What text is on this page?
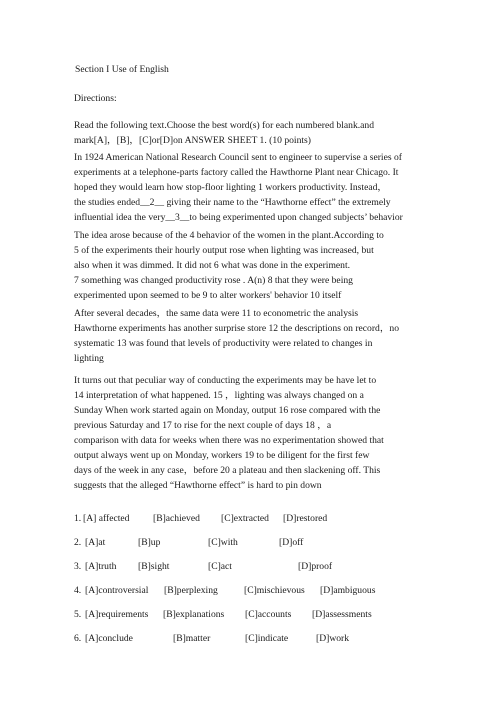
Section I Use of English
Directions:
Read the following text.Choose the best word(s) for each numbered blank.and
mark[A]，[B]，[C]or[D]on ANSWER SHEET 1. (10 points)
In 1924 American National Research Council sent to engineer to supervise a series of
experiments at a telephone-parts factory called the Hawthorne Plant near Chicago. It
hoped they would learn how stop-floor lighting 1 workers productivity. Instead，
the studies ended__2__ giving their name to the “Hawthorne effect” the extremely
influential idea the very__3__to being experimented upon changed subjects’ behavior
The idea arose because of the 4 behavior of the women in the plant.According to
5 of the experiments their hourly output rose when lighting was increased, but
also when it was dimmed. It did not 6 what was done in the experiment.
7 something was changed productivity rose . A(n) 8 that they were being
experimented upon seemed to be 9 to alter workers' behavior 10 itself
After several decades，the same data were 11 to econometric the analysis
Hawthorne experiments has another surprise store 12 the descriptions on record，no
systematic 13 was found that levels of productivity were related to changes in
lighting
It turns out that peculiar way of conducting the experiments may be have let to
14 interpretation of what happened. 15 ，lighting was always changed on a
Sunday When work started again on Monday, output 16 rose compared with the
previous Saturday and 17 to rise for the next couple of days 18 ，a
comparison with data for weeks when there was no experimentation showed that
output always went up on Monday, workers 19 to be diligent for the first few
days of the week in any case，before 20 a plateau and then slackening off. This
suggests that the alleged “Hawthorne effect” is hard to pin down
1. [A] affected [B]achieved [C]extracted [D]restored
2. [A]at	[B]up	[C]with	[D]off
3. [A]truth [B]sight	[C]act	[D]proof
4. [A]controversial [B]perplexing	[C]mischievous [D]ambiguous
5. [A]requirements [B]explanations [C]accounts [D]assessments
6. [A]conclude	[B]matter	[C]indicate	[D]work
